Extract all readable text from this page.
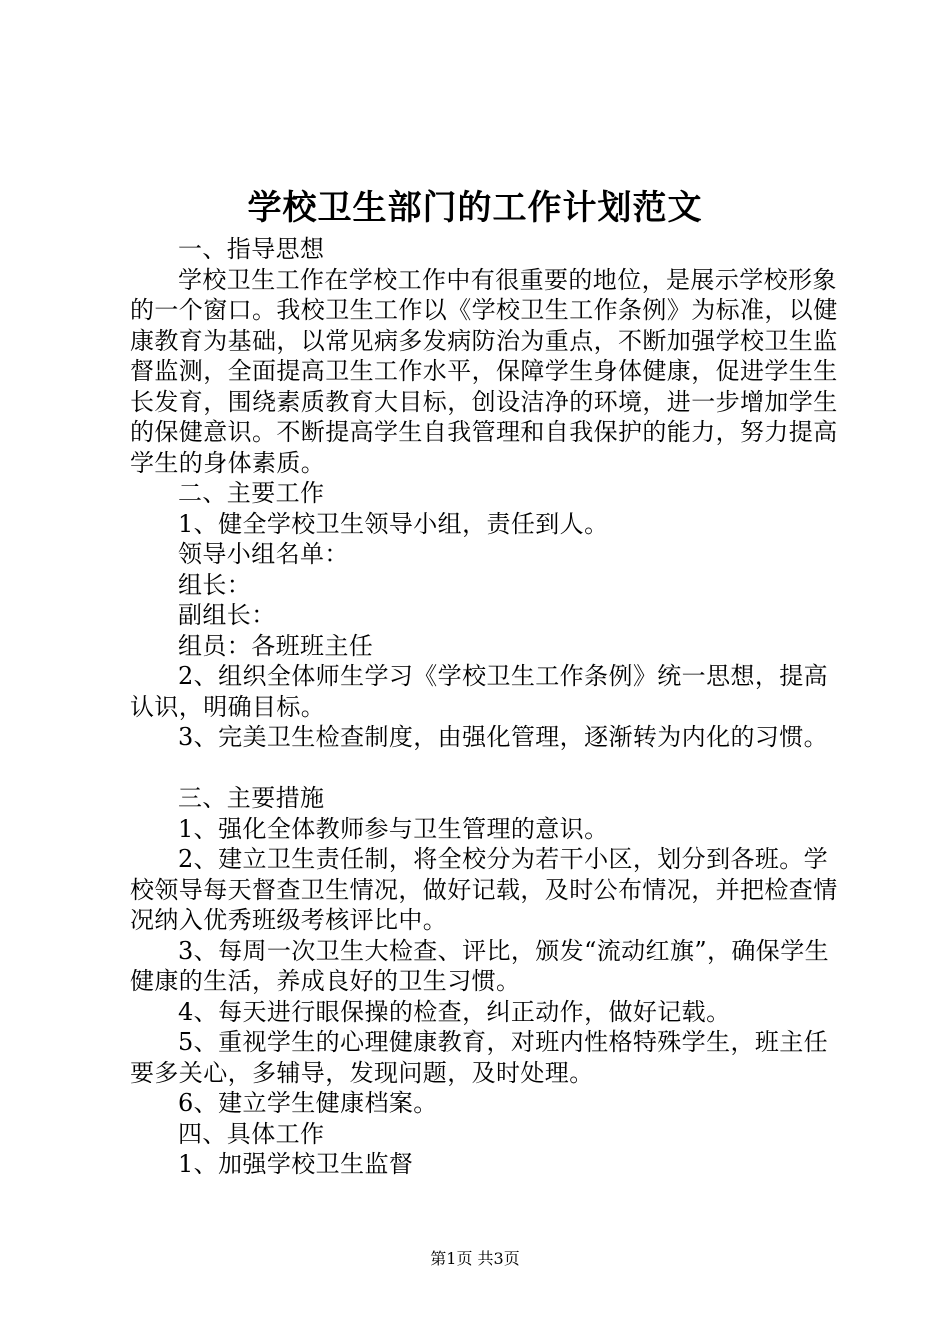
学校卫生部门的工作计划范文

一、指导思想

学校卫生工作在学校工作中有很重要的地位，是展示学校形象的一个窗口。我校卫生工作以《学校卫生工作条例》为标准，以健康教育为基础，以常见病多发病防治为重点，不断加强学校卫生监督监测，全面提高卫生工作水平，保障学生身体健康，促进学生生长发育，围绕素质教育大目标，创设洁净的环境，进一步增加学生的保健意识。不断提高学生自我管理和自我保护的能力，努力提高学生的身体素质。

二、主要工作

1、健全学校卫生领导小组，责任到人。

领导小组名单：

组长：

副组长：

组员：各班班主任

2、组织全体师生学习《学校卫生工作条例》统一思想，提高认识，明确目标。

3、完美卫生检查制度，由强化管理，逐渐转为内化的习惯。

三、主要措施

1、强化全体教师参与卫生管理的意识。

2、建立卫生责任制，将全校分为若干小区，划分到各班。学校领导每天督查卫生情况，做好记载，及时公布情况，并把检查情况纳入优秀班级考核评比中。

3、每周一次卫生大检查、评比，颁发“流动红旗”，确保学生健康的生活，养成良好的卫生习惯。

4、每天进行眼保操的检查，纠正动作，做好记载。

5、重视学生的心理健康教育，对班内性格特殊学生，班主任要多关心，多辅导，发现问题，及时处理。

6、建立学生健康档案。

四、具体工作

1、加强学校卫生监督

第1页 共3页
